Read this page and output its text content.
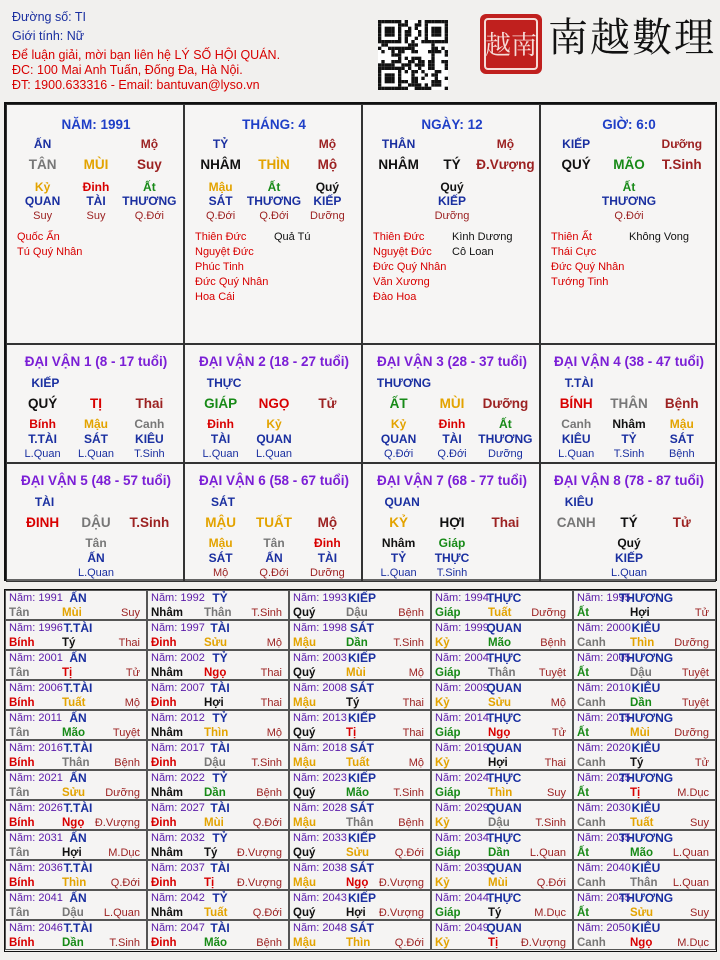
Đường số: TI
Giới tính: Nữ
Để luận giải, mời bạn liên hệ LÝ SỐ HỘI QUÁN.
ĐC: 100 Mai Anh Tuấn, Đống Đa, Hà Nội.
ĐT: 1900.633316 - Email: bantuvan@lyso.vn
越南 南越數理
NĂM: 1991
ẤN	Mộ
TÂN MÙI Suy
Kỷ	Đinh	Ất
QUAN TÀI THƯƠNG
Suy	Suy	Q.Đới
Quốc Ấn
Tú Quý Nhân
THÁNG: 4
TỶ	Mộ
NHÂM THÌN Mộ
Mậu	Ất	Quý
SÁT THƯƠNG KIẾP
Q.Đới Q.Đới Dưỡng
Thiên Đức
Nguyệt Đức
Phúc Tinh
Đức Quý Nhân
Hoa Cái
Quả Tú
NGÀY: 12
THÂN	Mộ
NHÂM TÝ Đ.Vượng
Quý
KIẾP
Dưỡng
Thiên Đức
Nguyệt Đức
Đức Quý Nhân
Văn Xương
Đào Hoa
Kình Dương
Cô Loan
GIỜ: 6:0
KIẾP	Dưỡng
QUÝ MÃO T.Sinh
Ất
THƯƠNG
Q.Đới
Thiên Ất
Thái Cực
Đức Quý Nhân
Tướng Tinh
Không Vong
ĐẠI VẬN 1 (8 - 17 tuổi)
KIẾP
QUÝ TỊ Thai
Bính Mậu Canh
T.TÀI SÁT KIÊU
L.Quan L.Quan T.Sinh
ĐẠI VẬN 2 (18 - 27 tuổi)
THỰC
GIÁP NGỌ Tử
Đinh	Kỷ
TÀI QUAN
L.Quan L.Quan
ĐẠI VẬN 3 (28 - 37 tuổi)
THƯƠNG
ẤT MÙI Dưỡng
Kỷ	Đinh	Ất
QUAN TÀI THƯƠNG
Q.Đới Q.Đới Dưỡng
ĐẠI VẬN 4 (38 - 47 tuổi)
T.TÀI
BÍNH THÂN Bệnh
Canh Nhâm Mậu
KIÊU	TỶ	SÁT
L.Quan T.Sinh Bệnh
ĐẠI VẬN 5 (48 - 57 tuổi)
TÀI
ĐINH DẬU T.Sinh
Tân
ẤN
L.Quan
ĐẠI VẬN 6 (58 - 67 tuổi)
SÁT
MẬU TUẤT Mộ
Mậu	Tân Đinh
SÁT	ẤN	TÀI
Mộ	Q.Đới Dưỡng
ĐẠI VẬN 7 (68 - 77 tuổi)
QUAN
KỶ HỢI Thai
Nhâm Giáp
TỶ THỰC
L.Quan T.Sinh
ĐẠI VẬN 8 (78 - 87 tuổi)
KIÊU
CANH TÝ	Tử
Quý
KIẾP
L.Quan
Năm: 1991 ẤN
Tân	Mùi	Suy
Năm: 1992 TỶ
Nhâm Thân T.Sinh
Năm: 1993 KIẾP
Quý	Dậu	Bệnh
Năm: 1994
THỰC
Giáp Tuất Dưỡng
Năm: 1995
THƯƠNG
Ất	Hợi	Tử
Năm: 1996 T.TÀI
Bính Tý	Thai
Năm: 1997 TÀI
Đinh Sửu	Mộ
Năm: 1998 SÁT
Mậu	Dần T.Sinh
Năm: 1999
QUAN
Kỷ	Mão	Bệnh
Năm: 2000 KIÊU
Canh Thìn Dưỡng
Năm: 2001 ẤN
Tân	Tị	Tử
Năm: 2002 TỶ
Nhâm Ngọ	Thai
Năm: 2003 KIẾP
Quý	Mùi	Mộ
Năm: 2004
THỰC
Giáp Thân Tuyệt
Năm: 2005
THƯƠNG
Ất	Dậu	Tuyệt
Năm: 2006 T.TÀI
Bính Tuất	Mộ
Năm: 2007 TÀI
Đinh Hợi	Thai
Năm: 2008 SÁT
Mậu	Tý	Thai
Năm: 2009
QUAN
Kỷ	Sửu	Mộ
Năm: 2010 KIÊU
Canh Dần	Tuyệt
Năm: 2011 ẤN
Tân	Mão	Tuyệt
Năm: 2012 TỶ
Nhâm Thìn	Mộ
Năm: 2013 KIẾP
Quý	Tị	Thai
Năm: 2014
THỰC
Giáp Ngọ	Tử
Năm: 2015
THƯƠNG
Ất	Mùi Dưỡng
Năm: 2016 T.TÀI
Bính Thân Bệnh
Năm: 2017 TÀI
Đinh Dậu T.Sinh
Năm: 2018 SÁT
Mậu	Tuất	Mộ
Năm: 2019
QUAN
Kỷ	Hợi	Thai
Năm: 2020 KIÊU
Canh Tý	Tử
Năm: 2021 ẤN
Tân	Sửu Dưỡng
Năm: 2022 TỶ
Nhâm Dần	Bệnh
Năm: 2023 KIẾP
Quý	Mão T.Sinh
Năm: 2024
THỰC
Giáp Thìn	Suy
Năm: 2025
THƯƠNG
Ất	Tị	M.Dục
Năm: 2026 T.TÀI
Bính Ngọ Đ.Vượng
Năm: 2027 TÀI
Đinh Mùi	Q.Đới
Năm: 2028 SÁT
Mậu	Thân Bệnh
Năm: 2029
QUAN
Kỷ	Dậu T.Sinh
Năm: 2030 KIÊU
Canh Tuất	Suy
Năm: 2031 ẤN
Tân	Hợi M.Dục
Năm: 2032 TỶ
Nhâm Tý Đ.Vượng
Năm: 2033 KIẾP
Quý	Sửu Q.Đới
Năm: 2034
THỰC
Giáp Dần L.Quan
Năm: 2035
THƯƠNG
Ất	Mão L.Quan
Năm: 2036 T.TÀI
Bính Thìn Q.Đới
Năm: 2037 TÀI
Đinh Tị Đ.Vượng
Năm: 2038 SÁT
Mậu	Ngọ Đ.Vượng
Năm: 2039
QUAN
Kỷ	Mùi	Q.Đới
Năm: 2040 KIÊU
Canh Thân L.Quan
Năm: 2041 ẤN
Tân	Dậu L.Quan
Năm: 2042 TỶ
Nhâm Tuất Q.Đới
Năm: 2043 KIẾP
Quý	Hợi Đ.Vượng
Năm: 2044
THỰC
Giáp Tý	M.Dục
Năm: 2045
THƯƠNG
Ất	Sửu	Suy
Năm: 2046 T.TÀI
Bính Dần T.Sinh
Năm: 2047 TÀI
Đinh Mão	Bệnh
Năm: 2048 SÁT
Mậu	Thìn Q.Đới
Năm: 2049
QUAN
Kỷ	Tị Đ.Vượng
Năm: 2050 KIÊU
Canh Ngọ M.Dục
